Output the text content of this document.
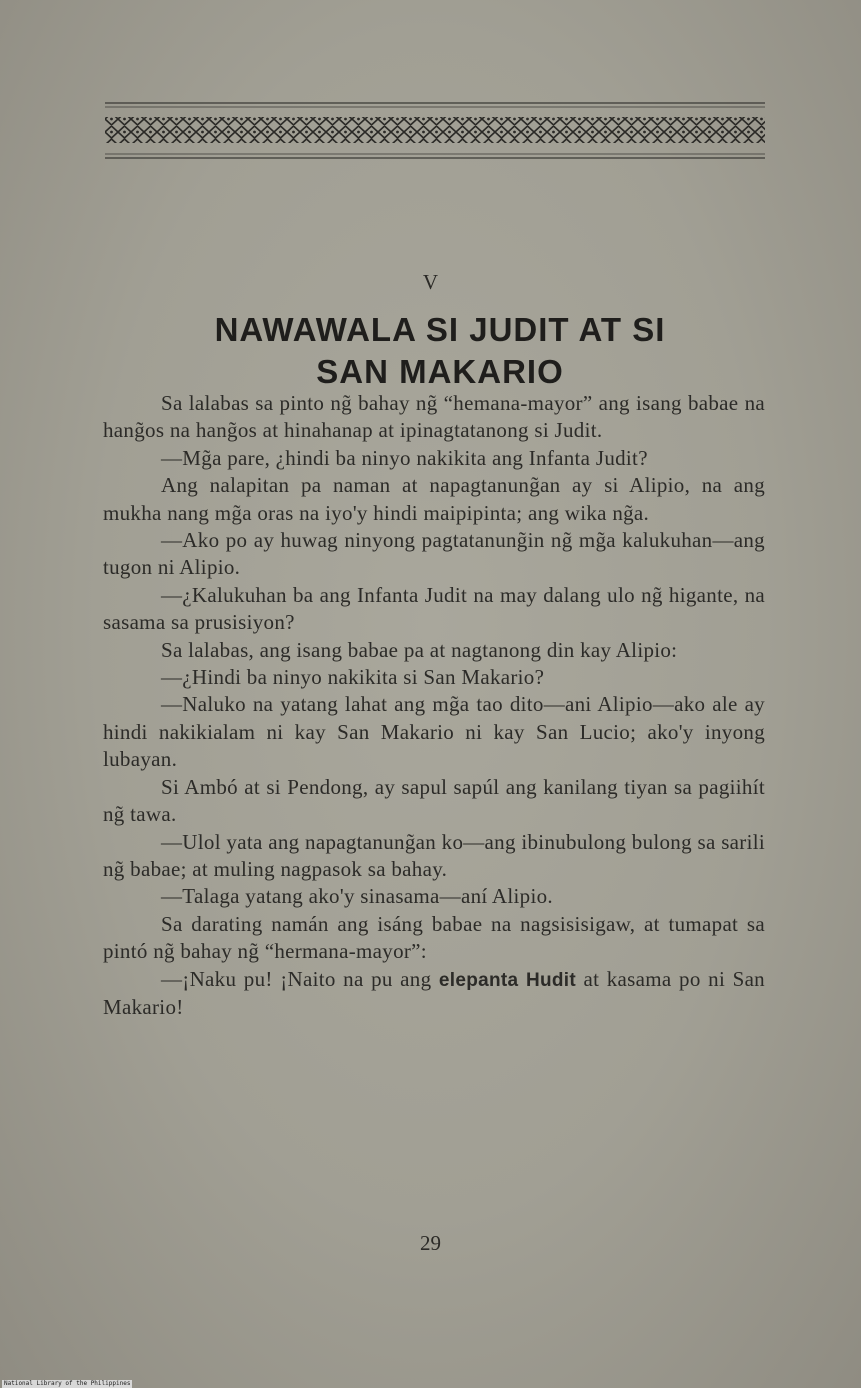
V
NAWAWALA SI JUDIT AT SI
SAN MAKARIO

Sa lalabas sa pinto ng̃ bahay ng̃ “hemana-mayor” ang isang babae na hang̃os na hang̃os at hinahanap at ipinagtatanong si Judit.

—Mg̃a pare, ¿hindi ba ninyo nakikita ang Infanta Judit?

Ang nalapitan pa naman at napagtanung̃an ay si Alipio, na ang mukha nang mg̃a oras na iyo'y hindi maipipinta; ang wika ng̃a.

—Ako po ay huwag ninyong pagtatanung̃in ng̃ mg̃a kalukuhan—ang tugon ni Alipio.

—¿Kalukuhan ba ang Infanta Judit na may dalang ulo ng̃ higante, na sasama sa prusisiyon?

Sa lalabas, ang isang babae pa at nagtanong din kay Alipio:

—¿Hindi ba ninyo nakikita si San Makario?

—Naluko na yatang lahat ang mg̃a tao dito—ani Alipio—ako ale ay hindi nakikialam ni kay San Makario ni kay San Lucio; ako'y inyong lubayan.

Si Ambó at si Pendong, ay sapul sapúl ang kanilang tiyan sa pagiihít ng̃ tawa.

—Ulol yata ang napagtanung̃an ko—ang ibinubulong bulong sa sarili ng̃ babae; at muling nagpasok sa bahay.

—Talaga yatang ako'y sinasama—aní Alipio.

Sa darating namán ang isáng babae na nagsisisigaw, at tumapat sa pintó ng̃ bahay ng̃ “hermana-mayor”:

—¡Naku pu! ¡Naito na pu ang elepanta Hudit at kasama po ni San Makario!

29
National Library of the Philippines
